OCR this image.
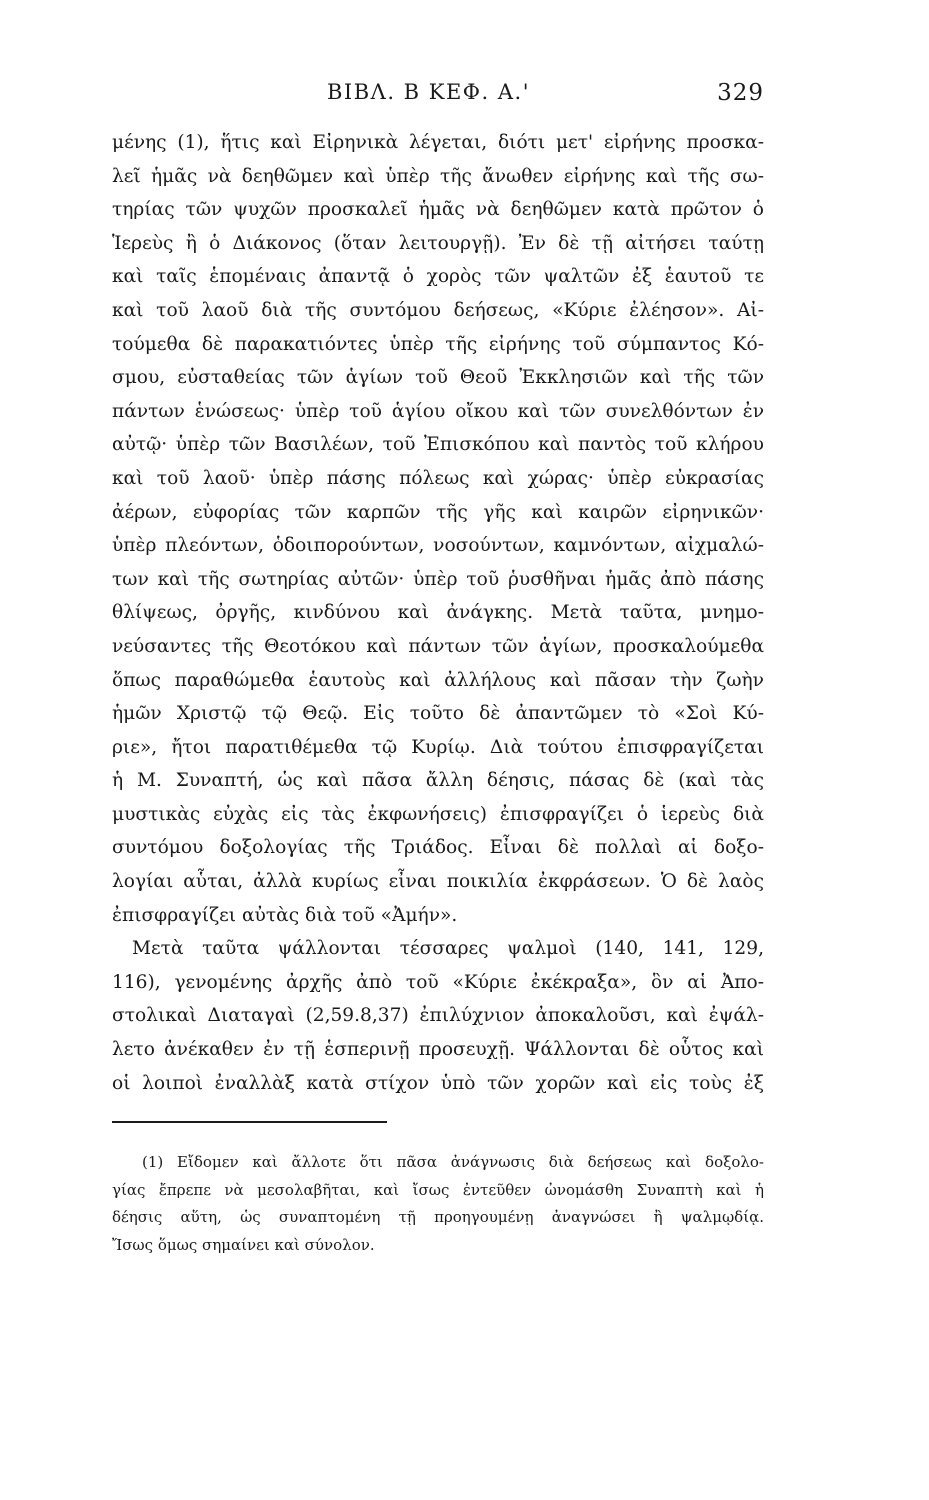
ΒΙΒΛ. Β ΚΕΦ. Α.'	329
μένης (1), ἥτις καὶ Εἰρηνικὰ λέγεται, διότι μετ' εἰρήνης προσκα-
λεῖ ἡμᾶς νὰ δεηθῶμεν καὶ ὑπὲρ τῆς ἄνωθεν εἰρήνης καὶ τῆς σω-
τηρίας τῶν ψυχῶν προσκαλεῖ ἡμᾶς νὰ δεηθῶμεν κατὰ πρῶτον ὁ
Ἱερεὺς ἢ ὁ Διάκονος (ὅταν λειτουργῇ). Ἐν δὲ τῇ αἰτήσει ταύτῃ
καὶ ταῖς ἑπομέναις ἀπαντᾷ ὁ χορὸς τῶν ψαλτῶν ἐξ ἑαυτοῦ τε
καὶ τοῦ λαοῦ διὰ τῆς συντόμου δεήσεως, «Κύριε ἐλέησον». Αἰ-
τούμεθα δὲ παρακατιόντες ὑπὲρ τῆς εἰρήνης τοῦ σύμπαντος Κό-
σμου, εὐσταθείας τῶν ἁγίων τοῦ Θεοῦ Ἐκκλησιῶν καὶ τῆς τῶν
πάντων ἑνώσεως· ὑπὲρ τοῦ ἁγίου οἴκου καὶ τῶν συνελθόντων ἐν
αὐτῷ· ὑπὲρ τῶν Βασιλέων, τοῦ Ἐπισκόπου καὶ παντὸς τοῦ κλήρου
καὶ τοῦ λαοῦ· ὑπὲρ πάσης πόλεως καὶ χώρας· ὑπὲρ εὐκρασίας
ἀέρων, εὐφορίας τῶν καρπῶν τῆς γῆς καὶ καιρῶν εἰρηνικῶν·
ὑπὲρ πλεόντων, ὁδοιπορούντων, νοσούντων, καμνόντων, αἰχμαλώ-
των καὶ τῆς σωτηρίας αὐτῶν· ὑπὲρ τοῦ ῥυσθῆναι ἡμᾶς ἀπὸ πάσης
θλίψεως, ὀργῆς, κινδύνου καὶ ἀνάγκης. Μετὰ ταῦτα, μνημο-
νεύσαντες τῆς Θεοτόκου καὶ πάντων τῶν ἁγίων, προσκαλούμεθα
ὅπως παραθώμεθα ἑαυτοὺς καὶ ἀλλήλους καὶ πᾶσαν τὴν ζωὴν
ἡμῶν Χριστῷ τῷ Θεῷ. Εἰς τοῦτο δὲ ἀπαντῶμεν τὸ «Σοὶ Κύ-
ριε», ἤτοι παρατιθέμεθα τῷ Κυρίῳ. Διὰ τούτου ἐπισφραγίζεται
ἡ Μ. Συναπτή, ὡς καὶ πᾶσα ἄλλη δέησις, πάσας δὲ (καὶ τὰς
μυστικὰς εὐχὰς εἰς τὰς ἐκφωνήσεις) ἐπισφραγίζει ὁ ἱερεὺς διὰ
συντόμου δοξολογίας τῆς Τριάδος. Εἶναι δὲ πολλαὶ αἱ δοξο-
λογίαι αὗται, ἀλλὰ κυρίως εἶναι ποικιλία ἐκφράσεων. Ὁ δὲ λαὸς
ἐπισφραγίζει αὐτὰς διὰ τοῦ «Ἀμήν».
Μετὰ ταῦτα ψάλλονται τέσσαρες ψαλμοὶ (140, 141, 129,
116), γενομένης ἀρχῆς ἀπὸ τοῦ «Κύριε ἐκέκραξα», ὃν αἱ Ἀπο-
στολικαὶ Διαταγαὶ (2,59.8,37) ἐπιλύχνιον ἀποκαλοῦσι, καὶ ἐψάλ-
λετο ἀνέκαθεν ἐν τῇ ἑσπερινῇ προσευχῇ. Ψάλλονται δὲ οὗτος καὶ
οἱ λοιποὶ ἐναλλὰξ κατὰ στίχον ὑπὸ τῶν χορῶν καὶ εἰς τοὺς ἐξ
(1) Εἴδομεν καὶ ἄλλοτε ὅτι πᾶσα ἀνάγνωσις διὰ δεήσεως καὶ δοξολο-
γίας ἔπρεπε νὰ μεσολαβῆται, καὶ ἴσως ἐντεῦθεν ὠνομάσθη Συναπτὴ καὶ ἡ
δέησις αὕτη, ὡς συναπτομένη τῇ προηγουμένῃ ἀναγνώσει ἢ ψαλμῳδίᾳ.
Ἴσως ὅμως σημαίνει καὶ σύνολον.
